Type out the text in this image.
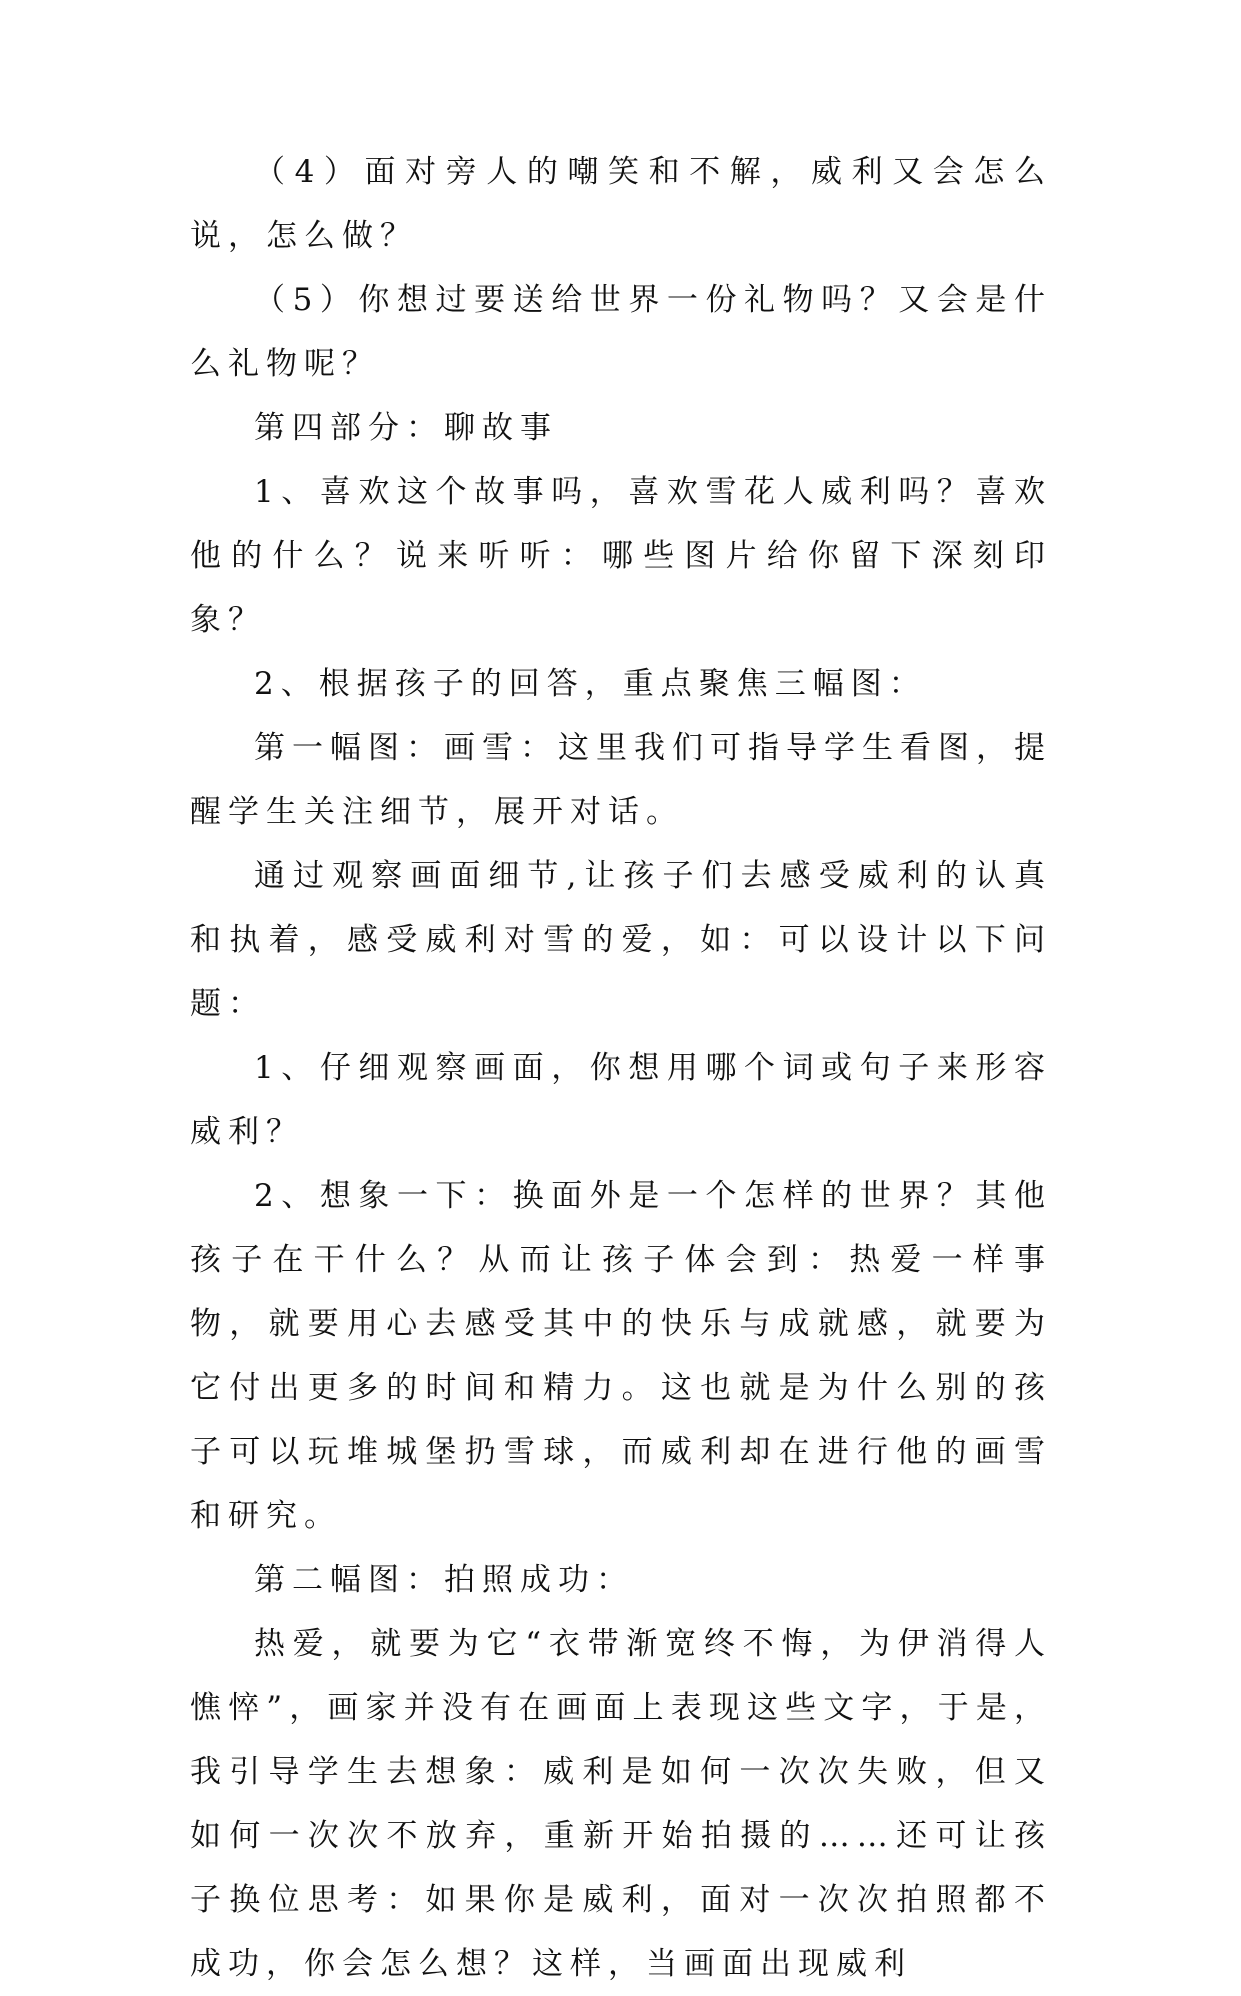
（4）面对旁人的嘲笑和不解，威利又会怎么说，怎么做？

（5）你想过要送给世界一份礼物吗？又会是什么礼物呢？

第四部分：聊故事

1、喜欢这个故事吗，喜欢雪花人威利吗？喜欢他的什么？说来听听：哪些图片给你留下深刻印象？

2、根据孩子的回答，重点聚焦三幅图：

第一幅图：画雪：这里我们可指导学生看图，提醒学生关注细节，展开对话。

通过观察画面细节,让孩子们去感受威利的认真和执着，感受威利对雪的爱，如：可以设计以下问题：

1、仔细观察画面，你想用哪个词或句子来形容威利？

2、想象一下：换面外是一个怎样的世界？其他孩子在干什么？从而让孩子体会到：热爱一样事物，就要用心去感受其中的快乐与成就感，就要为它付出更多的时间和精力。这也就是为什么别的孩子可以玩堆城堡扔雪球，而威利却在进行他的画雪和研究。

第二幅图：拍照成功：

热爱，就要为它“衣带渐宽终不悔，为伊消得人憔悴”，画家并没有在画面上表现这些文字，于是，我引导学生去想象：威利是如何一次次失败，但又如何一次次不放弃，重新开始拍摄的……还可让孩子换位思考：如果你是威利，面对一次次拍照都不成功，你会怎么想？这样，当画面出现威利
